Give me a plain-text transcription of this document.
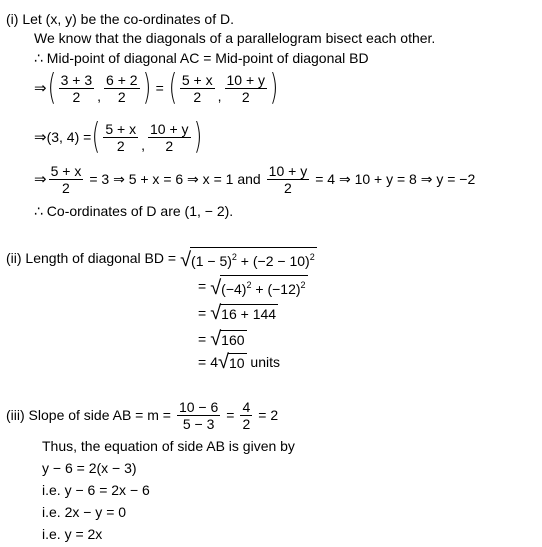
(i) Let (x, y) be the co-ordinates of D.
We know that the diagonals of a parallelogram bisect each other.
∴ Mid-point of diagonal AC = Mid-point of diagonal BD
⇒ ( $\frac{3 + 3}{2}$ , $\frac{6 + 2}{2}$ ) = ( $\frac{5 + x}{2}$ , $\frac{10 + y}{2}$ )
⇒ (3, 4) = ( $\frac{5 + x}{2}$ , $\frac{10 + y}{2}$ )
⇒ $\frac{5 + x}{2} = 3$ ⇒ 5 + x = 6 ⇒ x = 1 and $\frac{10 + y}{2} = 4$ ⇒ 10 + y = 8 ⇒ y = −2
∴ Co-ordinates of D are (1, − 2).
(ii) Length of diagonal BD = √ $(1 - 5)^2 + (-2 - 10)^2$
= √ $(-4)^2 + (-12)^2$
= √ 16 + 144
= √ 160
= 4 √ 10 units
(iii) Slope of side AB = $m = \frac{10 - 6}{5 - 3} = \frac{4}{2} = 2$
Thus, the equation of side AB is given by
y − 6 = 2(x − 3)
i.e. y − 6 = 2x − 6
i.e. 2x − y = 0
i.e. y = 2x
